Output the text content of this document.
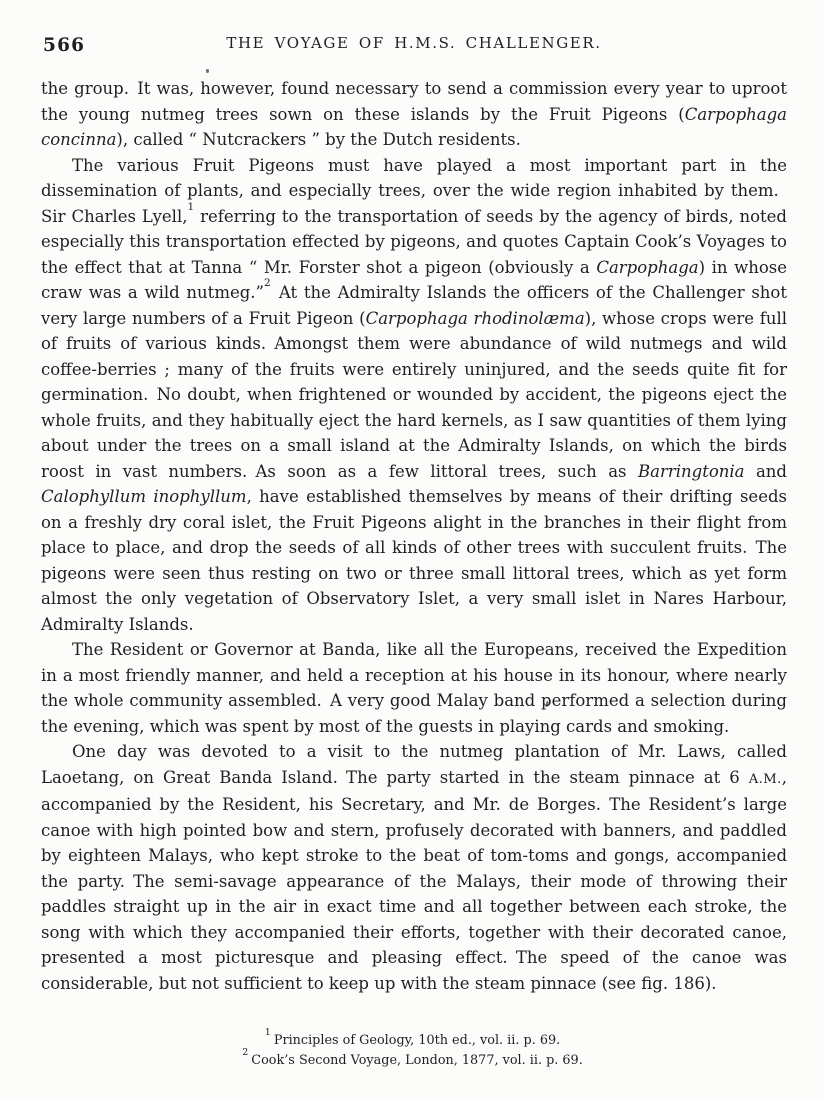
566	THE VOYAGE OF H.M.S. CHALLENGER.

the group. It was, however, found necessary to send a commission every year to uproot the young nutmeg trees sown on these islands by the Fruit Pigeons (Carpophaga concinna), called “ Nutcrackers ” by the Dutch residents.

The various Fruit Pigeons must have played a most important part in the dissemination of plants, and especially trees, over the wide region inhabited by them. Sir Charles Lyell,$^1$ referring to the transportation of seeds by the agency of birds, noted especially this transportation effected by pigeons, and quotes Captain Cook’s Voyages to the effect that at Tanna “ Mr. Forster shot a pigeon (obviously a Carpophaga) in whose craw was a wild nutmeg.”$^2$ At the Admiralty Islands the officers of the Challenger shot very large numbers of a Fruit Pigeon (Carpophaga rhodinolæma), whose crops were full of fruits of various kinds. Amongst them were abundance of wild nutmegs and wild coffee-berries ; many of the fruits were entirely uninjured, and the seeds quite fit for germination. No doubt, when frightened or wounded by accident, the pigeons eject the whole fruits, and they habitually eject the hard kernels, as I saw quantities of them lying about under the trees on a small island at the Admiralty Islands, on which the birds roost in vast numbers. As soon as a few littoral trees, such as Barringtonia and Calophyllum inophyllum, have established themselves by means of their drifting seeds on a freshly dry coral islet, the Fruit Pigeons alight in the branches in their flight from place to place, and drop the seeds of all kinds of other trees with succulent fruits. The pigeons were seen thus resting on two or three small littoral trees, which as yet form almost the only vegetation of Observatory Islet, a very small islet in Nares Harbour, Admiralty Islands.

The Resident or Governor at Banda, like all the Europeans, received the Expedition in a most friendly manner, and held a reception at his house in its honour, where nearly the whole community assembled. A very good Malay band performed a selection during the evening, which was spent by most of the guests in playing cards and smoking.

One day was devoted to a visit to the nutmeg plantation of Mr. Laws, called Laoetang, on Great Banda Island. The party started in the steam pinnace at 6 A.M., accompanied by the Resident, his Secretary, and Mr. de Borges. The Resident’s large canoe with high pointed bow and stern, profusely decorated with banners, and paddled by eighteen Malays, who kept stroke to the beat of tom-toms and gongs, accompanied the party. The semi-savage appearance of the Malays, their mode of throwing their paddles straight up in the air in exact time and all together between each stroke, the song with which they accompanied their efforts, together with their decorated canoe, presented a most picturesque and pleasing effect. The speed of the canoe was considerable, but not sufficient to keep up with the steam pinnace (see fig. 186).

$^1$Principles of Geology, 10th ed., vol. ii. p. 69.
$^2$Cook’s Second Voyage, London, 1877, vol. ii. p. 69.
